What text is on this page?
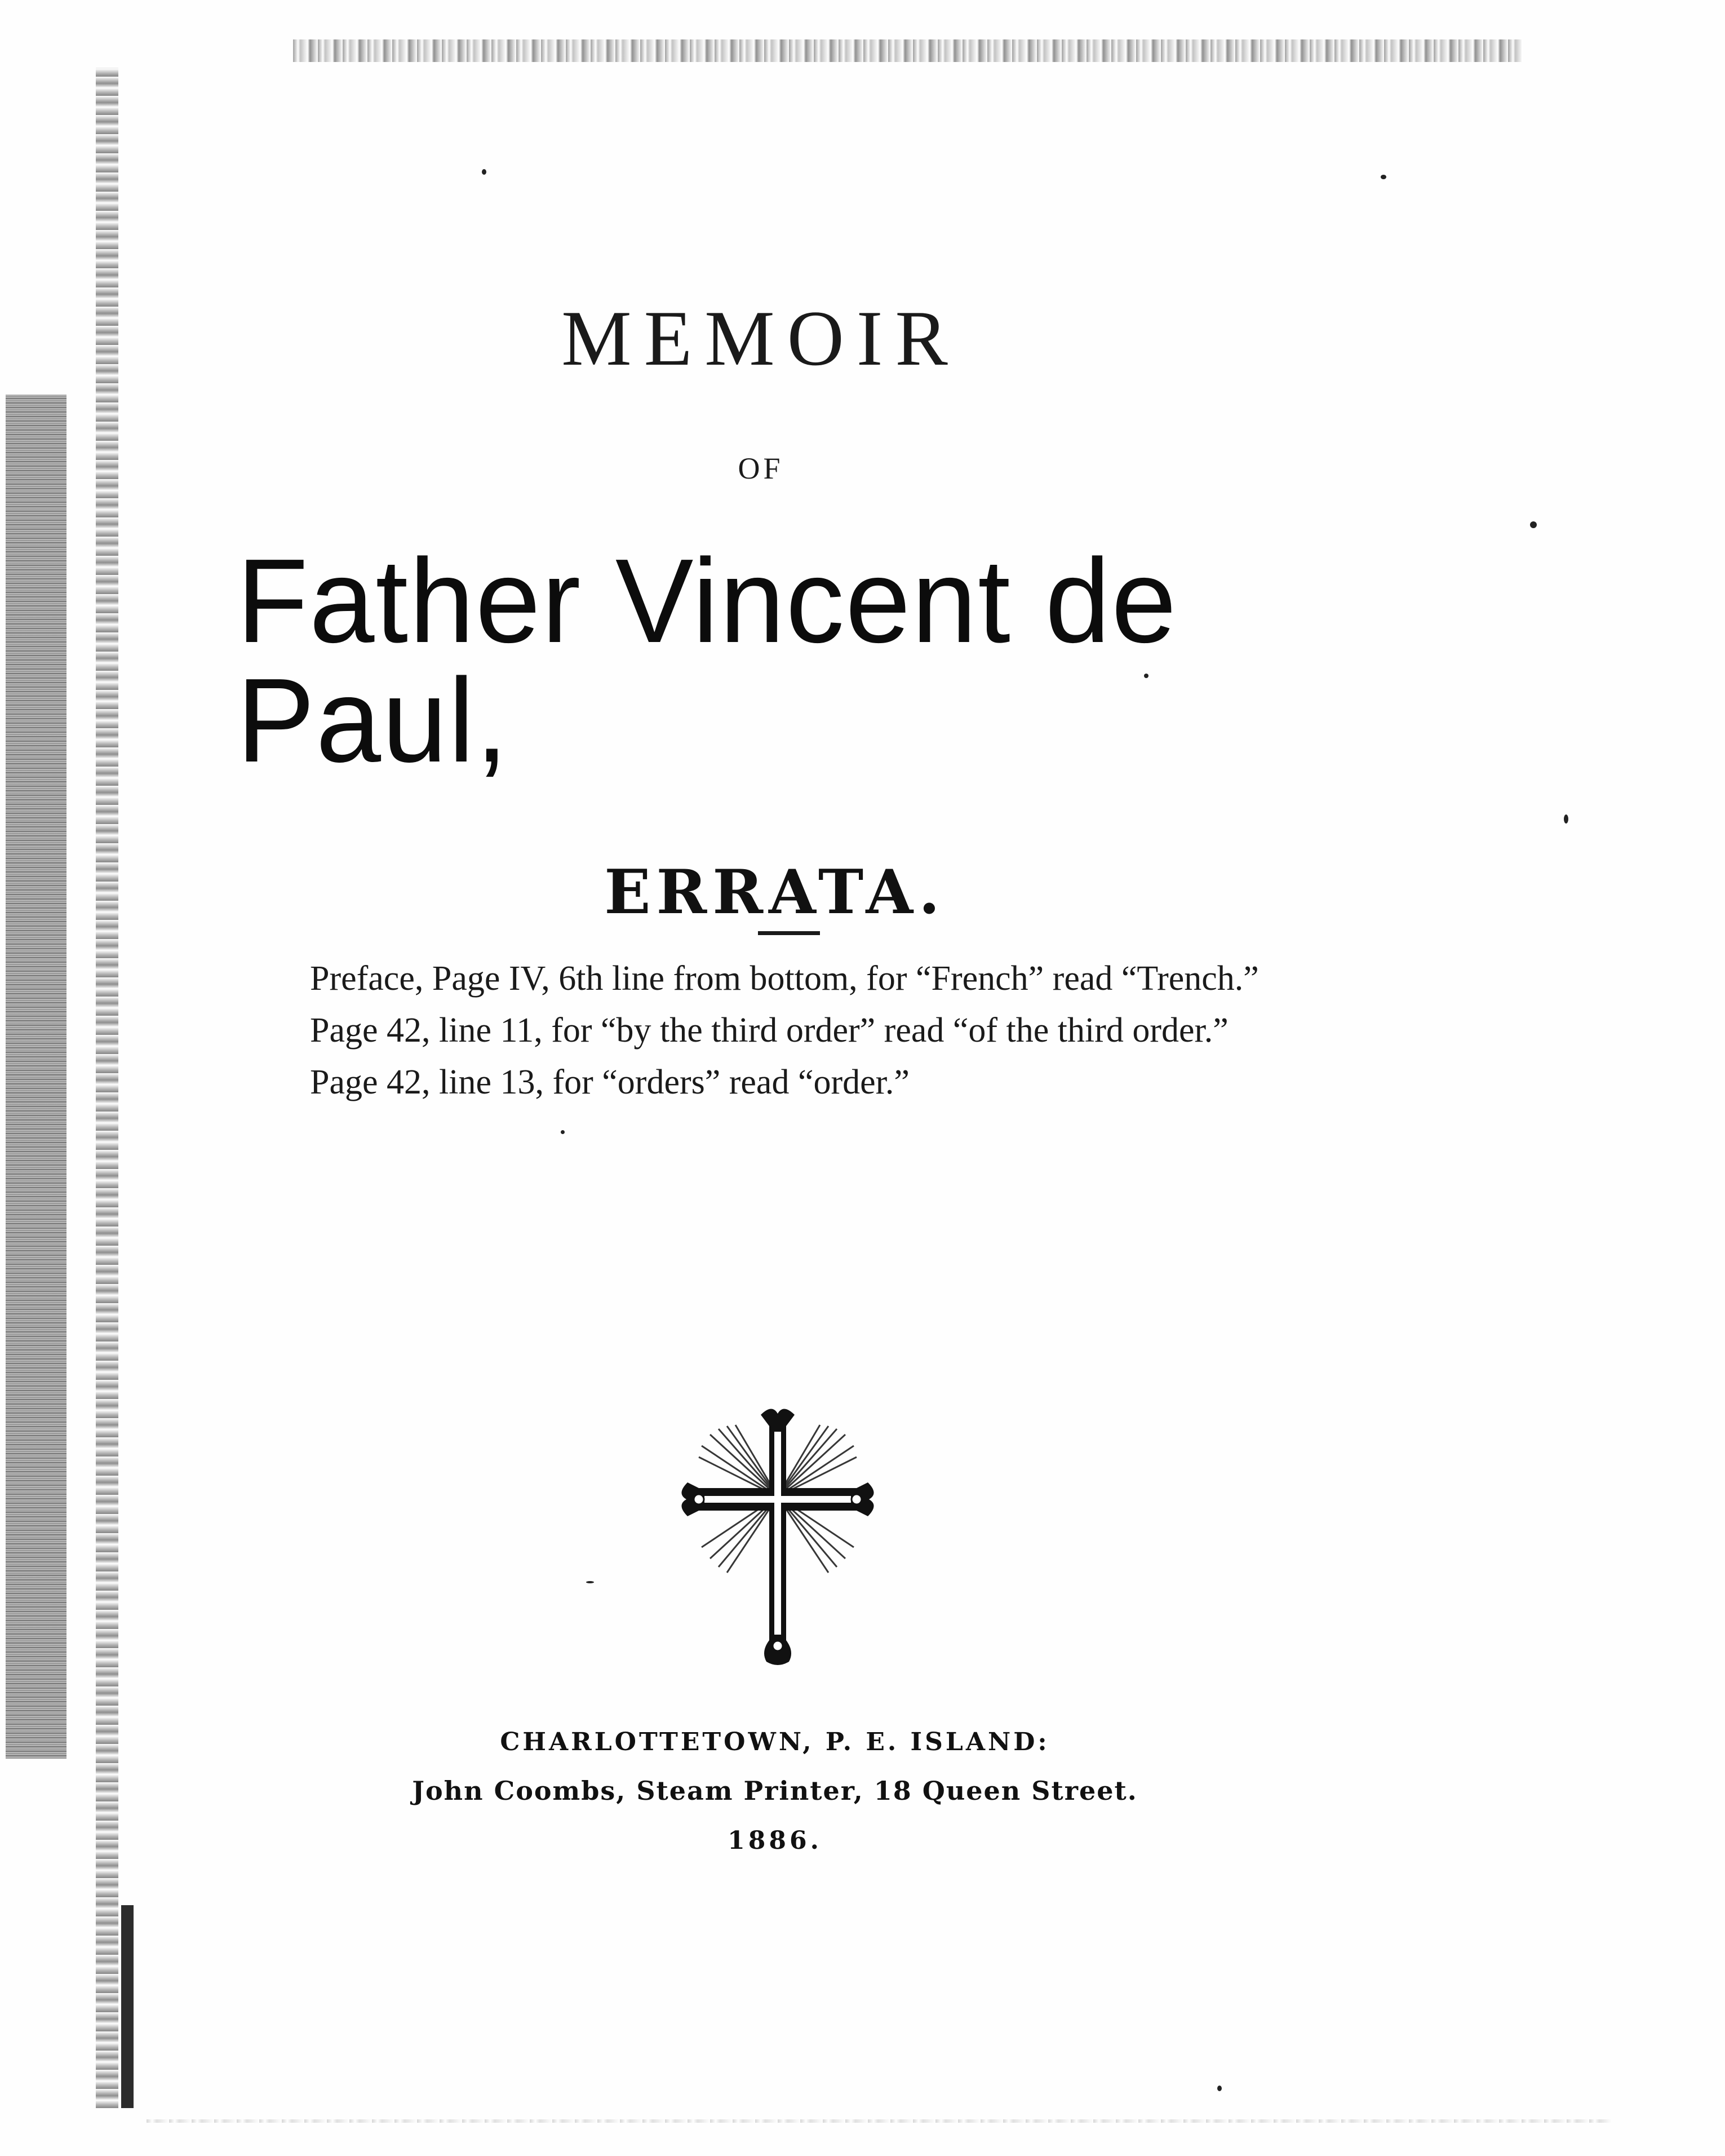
MEMOIR
OF
Father Vincent de Paul,
ERRATA.

Preface, Page IV, 6th line from bottom, for “French” read “Trench.”

Page 42, line 11, for “by the third order” read “of the third order.”

Page 42, line 13, for “orders” read “order.”

CHARLOTTETOWN, P. E. ISLAND:
John Coombs, Steam Printer, 18 Queen Street.
1886.
